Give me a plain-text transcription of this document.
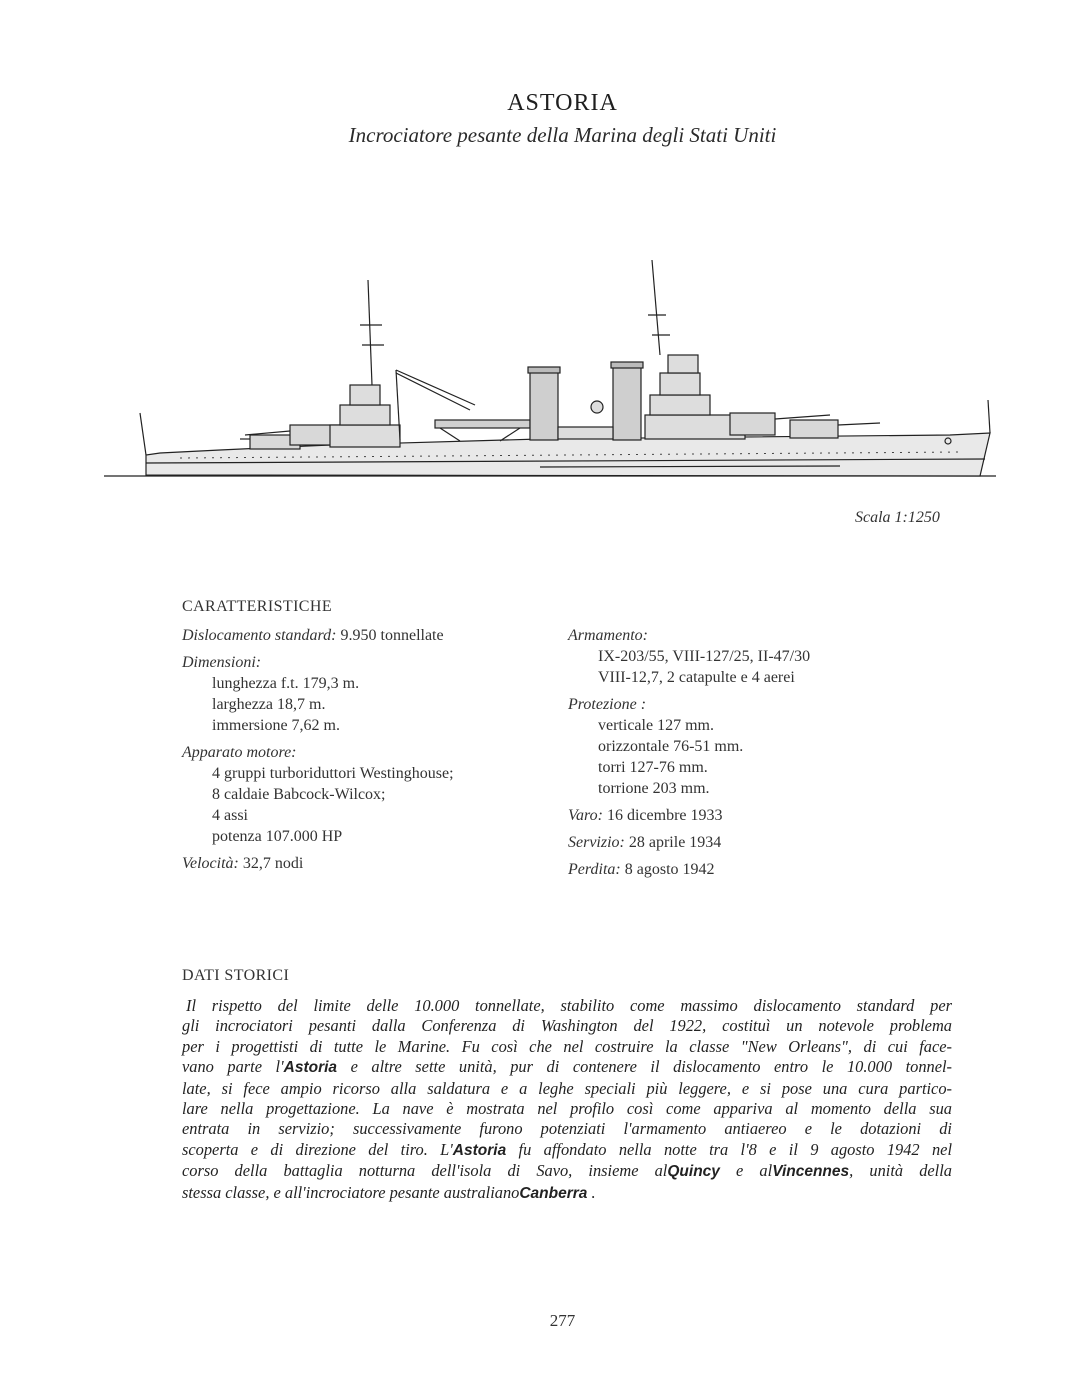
ASTORIA
Incrociatore pesante della Marina degli Stati Uniti
Scala 1:1250
CARATTERISTICHE
Dislocamento standard: 9.950 tonnellate
Dimensioni:
lunghezza f.t. 179,3 m.
larghezza 18,7 m.
immersione 7,62 m.
Apparato motore:
4 gruppi turboriduttori Westinghouse;
8 caldaie Babcock-Wilcox;
4 assi
potenza 107.000 HP
Velocità: 32,7 nodi
Armamento:
IX-203/55, VIII-127/25, II-47/30
VIII-12,7, 2 catapulte e 4 aerei
Protezione :
verticale 127 mm.
orizzontale 76-51 mm.
torri 127-76 mm.
torrione 203 mm.
Varo: 16 dicembre 1933
Servizio: 28 aprile 1934
Perdita: 8 agosto 1942
DATI STORICI
Il rispetto del limite delle 10.000 tonnellate, stabilito come massimo dislocamento standard per
gli incrociatori pesanti dalla Conferenza di Washington del 1922, costituì un notevole problema
per i progettisti di tutte le Marine. Fu così che nel costruire la classe "New Orleans", di cui face-
vano parte l'Astoria e altre sette unità, pur di contenere il dislocamento entro le 10.000 tonnel-
late, si fece ampio ricorso alla saldatura e a leghe speciali più leggere, e si pose una cura partico-
lare nella progettazione. La nave è mostrata nel profilo così come appariva al momento della sua
entrata in servizio; successivamente furono potenziati l'armamento antiaereo e le dotazioni di
scoperta e di direzione del tiro. L'Astoria fu affondato nella notte tra l'8 e il 9 agosto 1942 nel
corso della battaglia notturna dell'isola di Savo, insieme alQuincy e alVincennes, unità della
stessa classe, e all'incrociatore pesante australianoCanberra .
277
